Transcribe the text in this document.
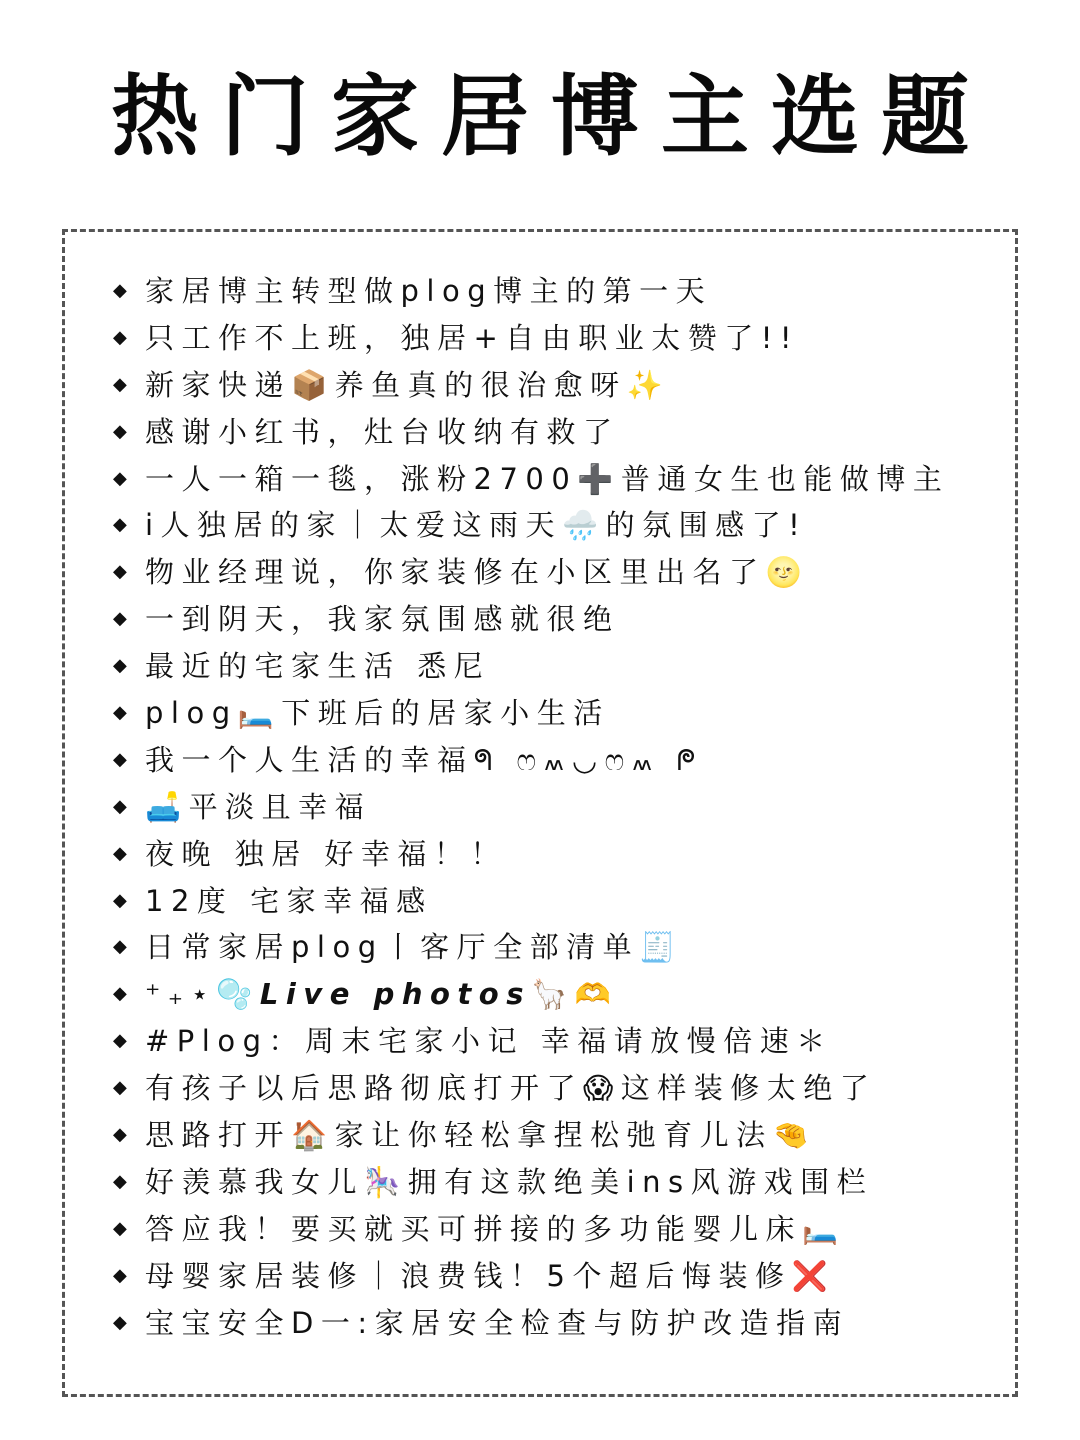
热门家居博主选题
◆ 家居博主转型做plog博主的第一天
◆ 只工作不上班，独居+自由职业太赞了!!
◆ 新家快递📦养鱼真的很治愈呀✨
◆ 感谢小红书，灶台收纳有救了
◆ 一人一箱一毯，涨粉2700➕普通女生也能做博主
◆ i人独居的家｜太爱这雨天🌧️的氛围感了!
◆ 物业经理说，你家装修在小区里出名了🌝
◆ 一到阴天，我家氛围感就很绝
◆ 最近的宅家生活 悉尼
◆ plog🛏️下班后的居家小生活
◆ 我一个人生活的幸福ᖗ ෆ៳◡ෆ៳ ᖘ
◆ 🛋️平淡且幸福
◆ 夜晚 独居 好幸福！！
◆ 12度 宅家幸福感
◆ 日常家居plog丨客厅全部清单🧾
◆ ⁺₊⋆🫧𝙇𝙞𝙫𝙚 𝙥𝙝𝙤𝙩𝙤𝙨🦙🫶
◆ #Plog：周末宅家小记 幸福请放慢倍速＊
◆ 有孩子以后思路彻底打开了😱这样装修太绝了
◆ 思路打开🏠家让你轻松拿捏松弛育儿法🤏
◆ 好羡慕我女儿🎠拥有这款绝美ins风游戏围栏
◆ 答应我！要买就买可拼接的多功能婴儿床🛏️
◆ 母婴家居装修｜浪费钱！5个超后悔装修❌
◆ 宝宝安全D一:家居安全检查与防护改造指南
